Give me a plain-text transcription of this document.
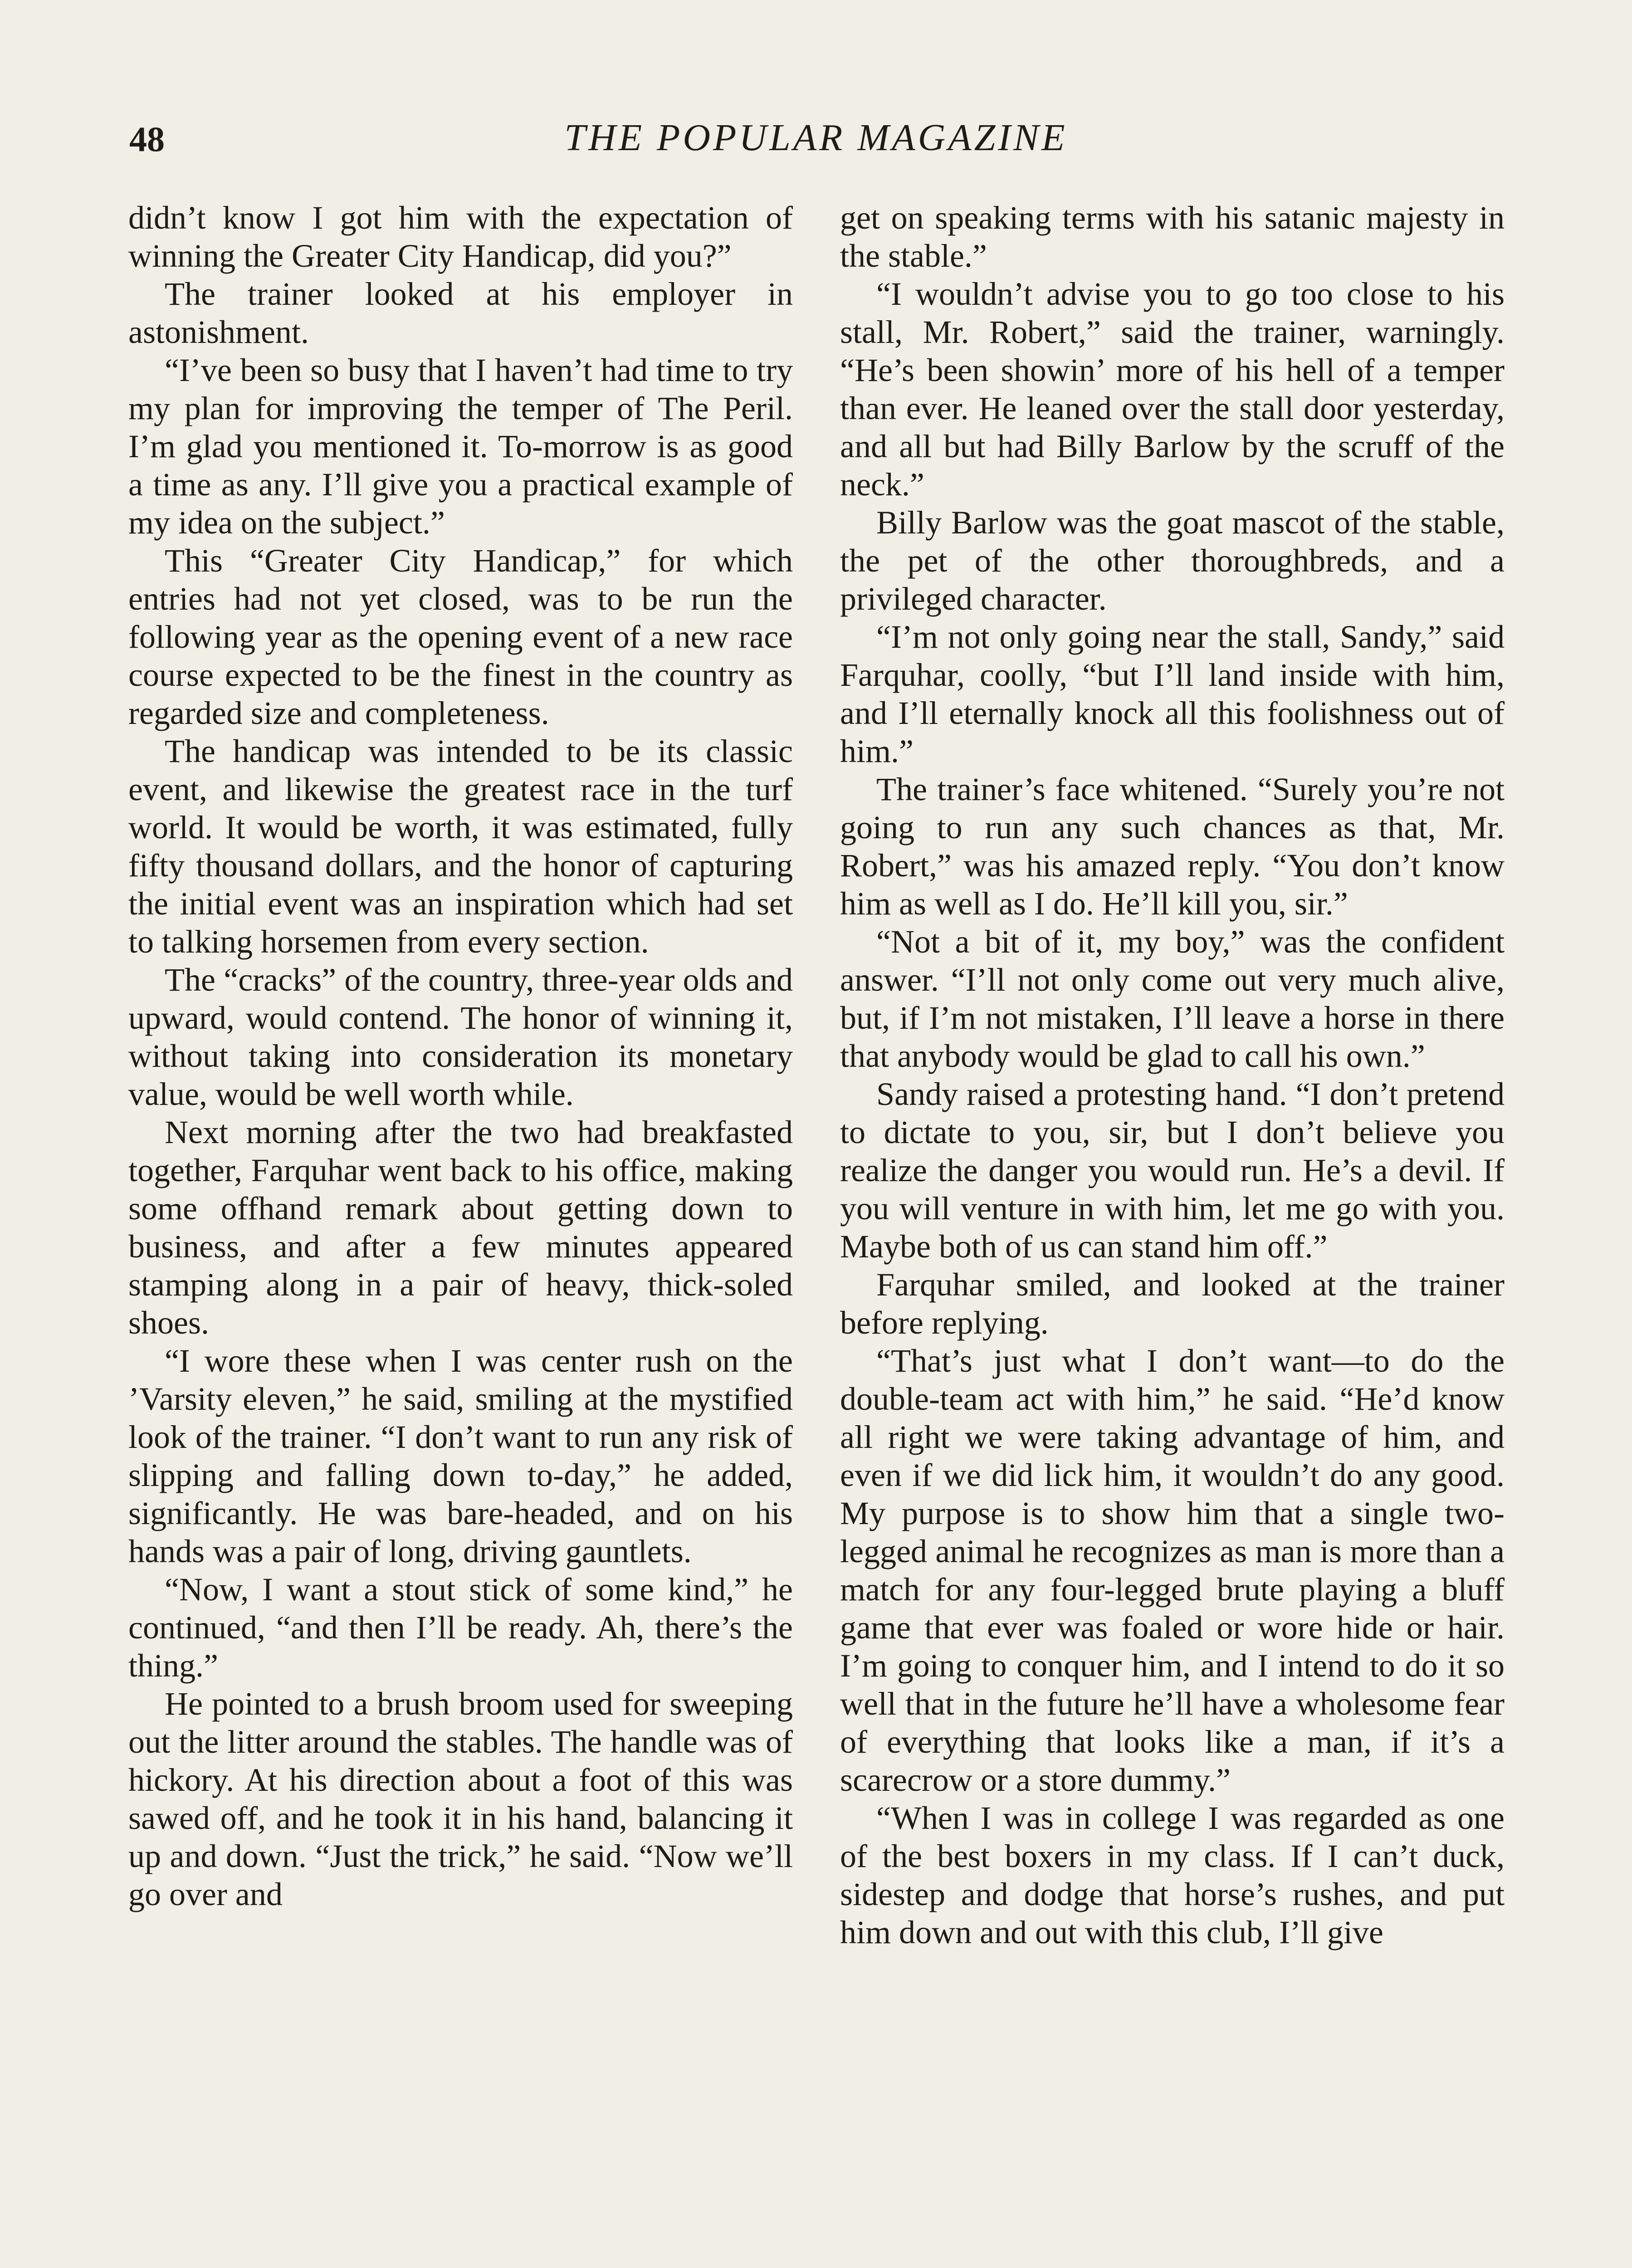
48	THE POPULAR MAGAZINE

didn’t know I got him with the expectation of winning the Greater City Handicap, did you?”

The trainer looked at his employer in astonishment.

“I’ve been so busy that I haven’t had time to try my plan for improving the temper of The Peril. I’m glad you mentioned it. To-morrow is as good a time as any. I’ll give you a practical example of my idea on the subject.”

This “Greater City Handicap,” for which entries had not yet closed, was to be run the following year as the opening event of a new race course expected to be the finest in the country as regarded size and completeness.

The handicap was intended to be its classic event, and likewise the greatest race in the turf world. It would be worth, it was estimated, fully fifty thousand dollars, and the honor of capturing the initial event was an inspiration which had set to talking horsemen from every section.

The “cracks” of the country, three-year olds and upward, would contend. The honor of winning it, without taking into consideration its monetary value, would be well worth while.

Next morning after the two had breakfasted together, Farquhar went back to his office, making some offhand remark about getting down to business, and after a few minutes appeared stamping along in a pair of heavy, thick-soled shoes.

“I wore these when I was center rush on the ’Varsity eleven,” he said, smiling at the mystified look of the trainer. “I don’t want to run any risk of slipping and falling down to-day,” he added, significantly. He was bare-headed, and on his hands was a pair of long, driving gauntlets.

“Now, I want a stout stick of some kind,” he continued, “and then I’ll be ready. Ah, there’s the thing.”

He pointed to a brush broom used for sweeping out the litter around the stables. The handle was of hickory. At his direction about a foot of this was sawed off, and he took it in his hand, balancing it up and down. “Just the trick,” he said. “Now we’ll go over and

get on speaking terms with his satanic majesty in the stable.”

“I wouldn’t advise you to go too close to his stall, Mr. Robert,” said the trainer, warningly. “He’s been showin’ more of his hell of a temper than ever. He leaned over the stall door yesterday, and all but had Billy Barlow by the scruff of the neck.”

Billy Barlow was the goat mascot of the stable, the pet of the other thoroughbreds, and a privileged character.

“I’m not only going near the stall, Sandy,” said Farquhar, coolly, “but I’ll land inside with him, and I’ll eternally knock all this foolishness out of him.”

The trainer’s face whitened. “Surely you’re not going to run any such chances as that, Mr. Robert,” was his amazed reply. “You don’t know him as well as I do. He’ll kill you, sir.”

“Not a bit of it, my boy,” was the confident answer. “I’ll not only come out very much alive, but, if I’m not mistaken, I’ll leave a horse in there that anybody would be glad to call his own.”

Sandy raised a protesting hand. “I don’t pretend to dictate to you, sir, but I don’t believe you realize the danger you would run. He’s a devil. If you will venture in with him, let me go with you. Maybe both of us can stand him off.”

Farquhar smiled, and looked at the trainer before replying.

“That’s just what I don’t want—to do the double-team act with him,” he said. “He’d know all right we were taking advantage of him, and even if we did lick him, it wouldn’t do any good. My purpose is to show him that a single two-legged animal he recognizes as man is more than a match for any four-legged brute playing a bluff game that ever was foaled or wore hide or hair. I’m going to conquer him, and I intend to do it so well that in the future he’ll have a wholesome fear of everything that looks like a man, if it’s a scarecrow or a store dummy.”

“When I was in college I was regarded as one of the best boxers in my class. If I can’t duck, sidestep and dodge that horse’s rushes, and put him down and out with this club, I’ll give
